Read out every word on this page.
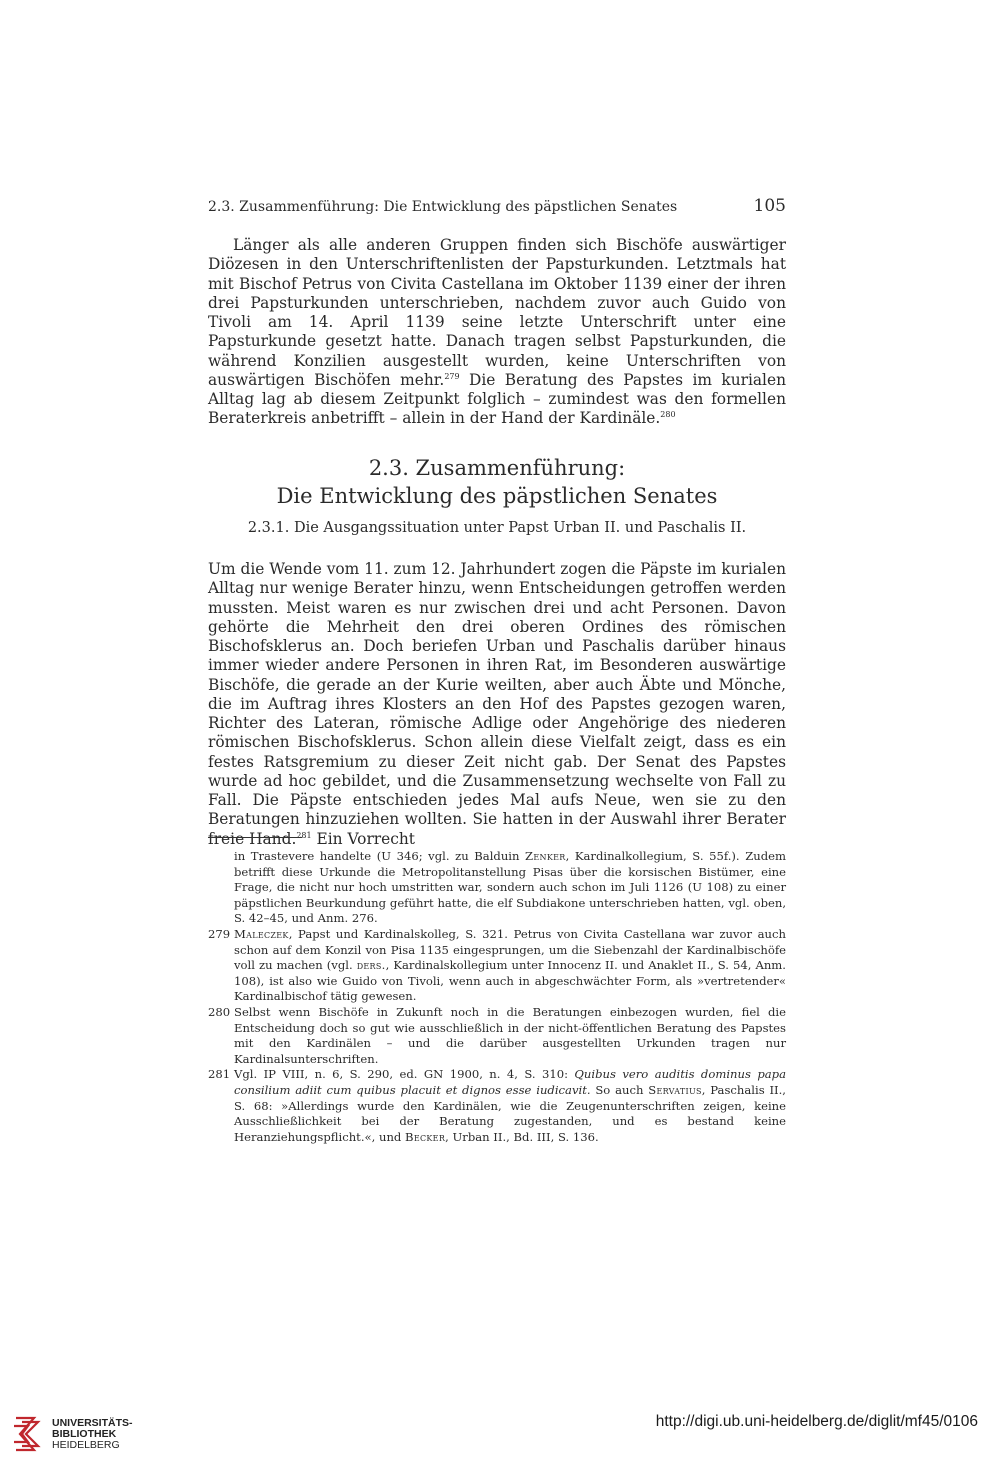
2.3. Zusammenführung: Die Entwicklung des päpstlichen Senates	105

Länger als alle anderen Gruppen finden sich Bischöfe auswärtiger Diözesen in den Unterschriftenlisten der Papsturkunden. Letztmals hat mit Bischof Petrus von Civita Castellana im Oktober 1139 einer der ihren drei Papsturkunden unterschrieben, nachdem zuvor auch Guido von Tivoli am 14. April 1139 seine letzte Unterschrift unter eine Papsturkunde gesetzt hatte. Danach tragen selbst Papsturkunden, die während Konzilien ausgestellt wurden, keine Unterschriften von auswärtigen Bischöfen mehr.$^{279}$ Die Beratung des Papstes im kurialen Alltag lag ab diesem Zeitpunkt folglich – zumindest was den formellen Beraterkreis anbetrifft – allein in der Hand der Kardinäle.$^{280}$

2.3. Zusammenführung:
Die Entwicklung des päpstlichen Senates
2.3.1. Die Ausgangssituation unter Papst Urban II. und Paschalis II.

Um die Wende vom 11. zum 12. Jahrhundert zogen die Päpste im kurialen Alltag nur wenige Berater hinzu, wenn Entscheidungen getroffen werden mussten. Meist waren es nur zwischen drei und acht Personen. Davon gehörte die Mehrheit den drei oberen Ordines des römischen Bischofsklerus an. Doch beriefen Urban und Paschalis darüber hinaus immer wieder andere Personen in ihren Rat, im Besonderen auswärtige Bischöfe, die gerade an der Kurie weilten, aber auch Äbte und Mönche, die im Auftrag ihres Klosters an den Hof des Papstes gezogen waren, Richter des Lateran, römische Adlige oder Angehörige des niederen römischen Bischofsklerus. Schon allein diese Vielfalt zeigt, dass es ein festes Ratsgremium zu dieser Zeit nicht gab. Der Senat des Papstes wurde ad hoc gebildet, und die Zusammensetzung wechselte von Fall zu Fall. Die Päpste entschieden jedes Mal aufs Neue, wen sie zu den Beratungen hinzuziehen wollten. Sie hatten in der Auswahl ihrer Berater freie Hand.$^{281}$ Ein Vorrecht

in Trastevere handelte (U 346; vgl. zu Balduin Zenker, Kardinalkollegium, S. 55f.). Zudem betrifft diese Urkunde die Metropolitanstellung Pisas über die korsischen Bistümer, eine Frage, die nicht nur hoch umstritten war, sondern auch schon im Juli 1126 (U 108) zu einer päpstlichen Beurkundung geführt hatte, die elf Subdiakone unterschrieben hatten, vgl. oben, S. 42–45, und Anm. 276.
279 Maleczek, Papst und Kardinalskolleg, S. 321. Petrus von Civita Castellana war zuvor auch schon auf dem Konzil von Pisa 1135 eingesprungen, um die Siebenzahl der Kardinalbischöfe voll zu machen (vgl. ders., Kardinalskollegium unter Innocenz II. und Anaklet II., S. 54, Anm. 108), ist also wie Guido von Tivoli, wenn auch in abgeschwächter Form, als »vertretender« Kardinalbischof tätig gewesen.
280 Selbst wenn Bischöfe in Zukunft noch in die Beratungen einbezogen wurden, fiel die Entscheidung doch so gut wie ausschließlich in der nicht-öffentlichen Beratung des Papstes mit den Kardinälen – und die darüber ausgestellten Urkunden tragen nur Kardinalsunterschriften.
281 Vgl. IP VIII, n. 6, S. 290, ed. GN 1900, n. 4, S. 310: Quibus vero auditis dominus papa consilium adiit cum quibus placuit et dignos esse iudicavit. So auch Servatius, Paschalis II., S. 68: »Allerdings wurde den Kardinälen, wie die Zeugenunterschriften zeigen, keine Ausschließlichkeit bei der Beratung zugestanden, und es bestand keine Heranziehungspflicht.«, und Becker, Urban II., Bd. III, S. 136.
UNIVERSITÄTS-
BIBLIOTHEK
HEIDELBERG
http://digi.ub.uni-heidelberg.de/diglit/mf45/0106
